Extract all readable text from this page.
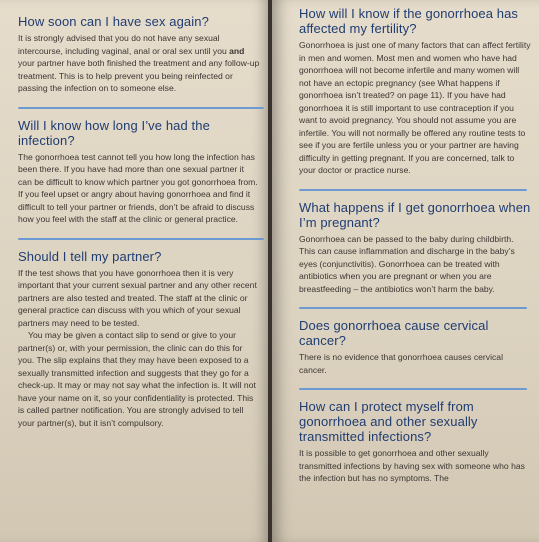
How soon can I have sex again?

It is strongly advised that you do not have any sexual intercourse, including vaginal, anal or oral sex until you and your partner have both finished the treatment and any follow-up treatment. This is to help prevent you being reinfected or passing the infection on to someone else.

Will I know how long I’ve had the infection?

The gonorrhoea test cannot tell you how long the infection has been there. If you have had more than one sexual partner it can be difficult to know which partner you got gonorrhoea from. If you feel upset or angry about having gonorrhoea and find it difficult to tell your partner or friends, don’t be afraid to discuss how you feel with the staff at the clinic or general practice.

Should I tell my partner?

If the test shows that you have gonorrhoea then it is very important that your current sexual partner and any other recent partners are also tested and treated. The staff at the clinic or general practice can discuss with you which of your sexual partners may need to be tested.

You may be given a contact slip to send or give to your partner(s) or, with your permission, the clinic can do this for you. The slip explains that they may have been exposed to a sexually transmitted infection and suggests that they go for a check-up. It may or may not say what the infection is. It will not have your name on it, so your confidentiality is protected. This is called partner notification. You are strongly advised to tell your partner(s), but it isn’t compulsory.

How will I know if the gonorrhoea has affected my fertility?

Gonorrhoea is just one of many factors that can affect fertility in men and women. Most men and women who have had gonorrhoea will not become infertile and many women will not have an ectopic pregnancy (see What happens if gonorrhoea isn’t treated? on page 11). If you have had gonorrhoea it is still important to use contraception if you want to avoid pregnancy. You should not assume you are infertile. You will not normally be offered any routine tests to see if you are fertile unless you or your partner are having difficulty in getting pregnant. If you are concerned, talk to your doctor or practice nurse.

What happens if I get gonorrhoea when I’m pregnant?

Gonorrhoea can be passed to the baby during childbirth. This can cause inflammation and discharge in the baby’s eyes (conjunctivitis). Gonorrhoea can be treated with antibiotics when you are pregnant or when you are breastfeeding – the antibiotics won’t harm the baby.

Does gonorrhoea cause cervical cancer?

There is no evidence that gonorrhoea causes cervical cancer.

How can I protect myself from gonorrhoea and other sexually transmitted infections?

It is possible to get gonorrhoea and other sexually transmitted infections by having sex with someone who has the infection but has no symptoms. The
